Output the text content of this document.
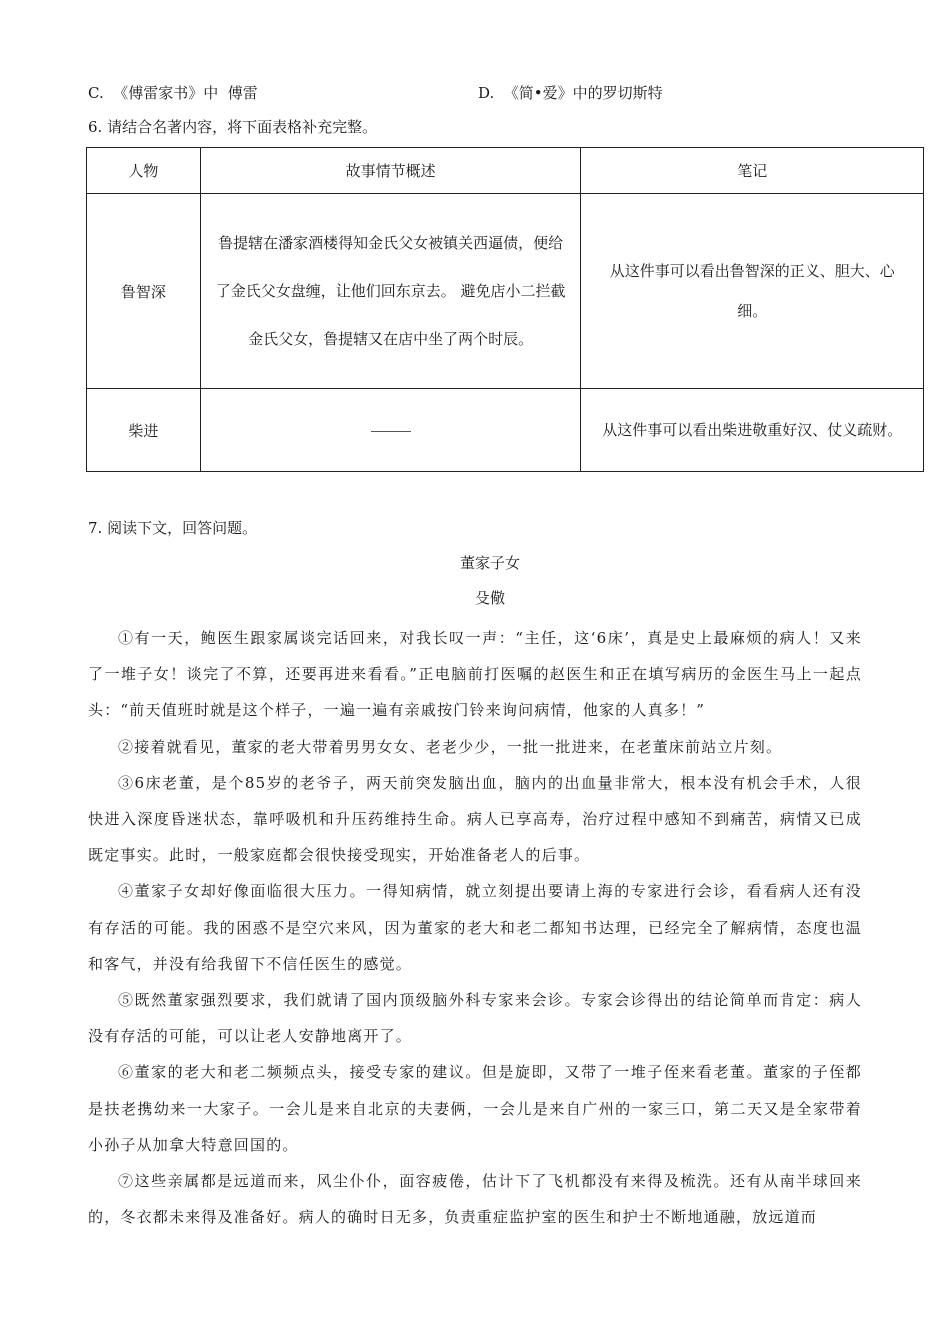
C.  《傅雷家书》中  傅雷	D.  《简•爱》中的罗切斯特
6. 请结合名著内容，将下面表格补充完整。
人物	故事情节概述	笔记
鲁智深	鲁提辖在潘家酒楼得知金氏父女被镇关西逼债，便给了金氏父女盘缠，让他们回东京去。 避免店小二拦截金氏父女，鲁提辖又在店中坐了两个时辰。	从这件事可以看出鲁智深的正义、胆大、心细。
柴进		从这件事可以看出柴进敬重好汉、仗义疏财。
7. 阅读下文，回答问题。
董家子女
殳儆

①有一天，鲍医生跟家属谈完话回来，对我长叹一声：“主任，这‘6床’，真是史上最麻烦的病人！又来了一堆子女！谈完了不算，还要再进来看看。”正电脑前打医嘱的赵医生和正在填写病历的金医生马上一起点头：“前天值班时就是这个样子，一遍一遍有亲戚按门铃来询问病情，他家的人真多！”

②接着就看见，董家的老大带着男男女女、老老少少，一批一批进来，在老董床前站立片刻。

③6床老董，是个85岁的老爷子，两天前突发脑出血，脑内的出血量非常大，根本没有机会手术，人很快进入深度昏迷状态，靠呼吸机和升压药维持生命。病人已享高寿，治疗过程中感知不到痛苦，病情又已成既定事实。此时，一般家庭都会很快接受现实，开始准备老人的后事。

④董家子女却好像面临很大压力。一得知病情，就立刻提出要请上海的专家进行会诊，看看病人还有没有存活的可能。我的困惑不是空穴来风，因为董家的老大和老二都知书达理，已经完全了解病情，态度也温和客气，并没有给我留下不信任医生的感觉。

⑤既然董家强烈要求，我们就请了国内顶级脑外科专家来会诊。专家会诊得出的结论简单而肯定：病人没有存活的可能，可以让老人安静地离开了。

⑥董家的老大和老二频频点头，接受专家的建议。但是旋即，又带了一堆子侄来看老董。董家的子侄都是扶老携幼来一大家子。一会儿是来自北京的夫妻俩，一会儿是来自广州的一家三口，第二天又是全家带着小孙子从加拿大特意回国的。

⑦这些亲属都是远道而来，风尘仆仆，面容疲倦，估计下了飞机都没有来得及梳洗。还有从南半球回来的，冬衣都未来得及准备好。病人的确时日无多，负责重症监护室的医生和护士不断地通融，放远道而
